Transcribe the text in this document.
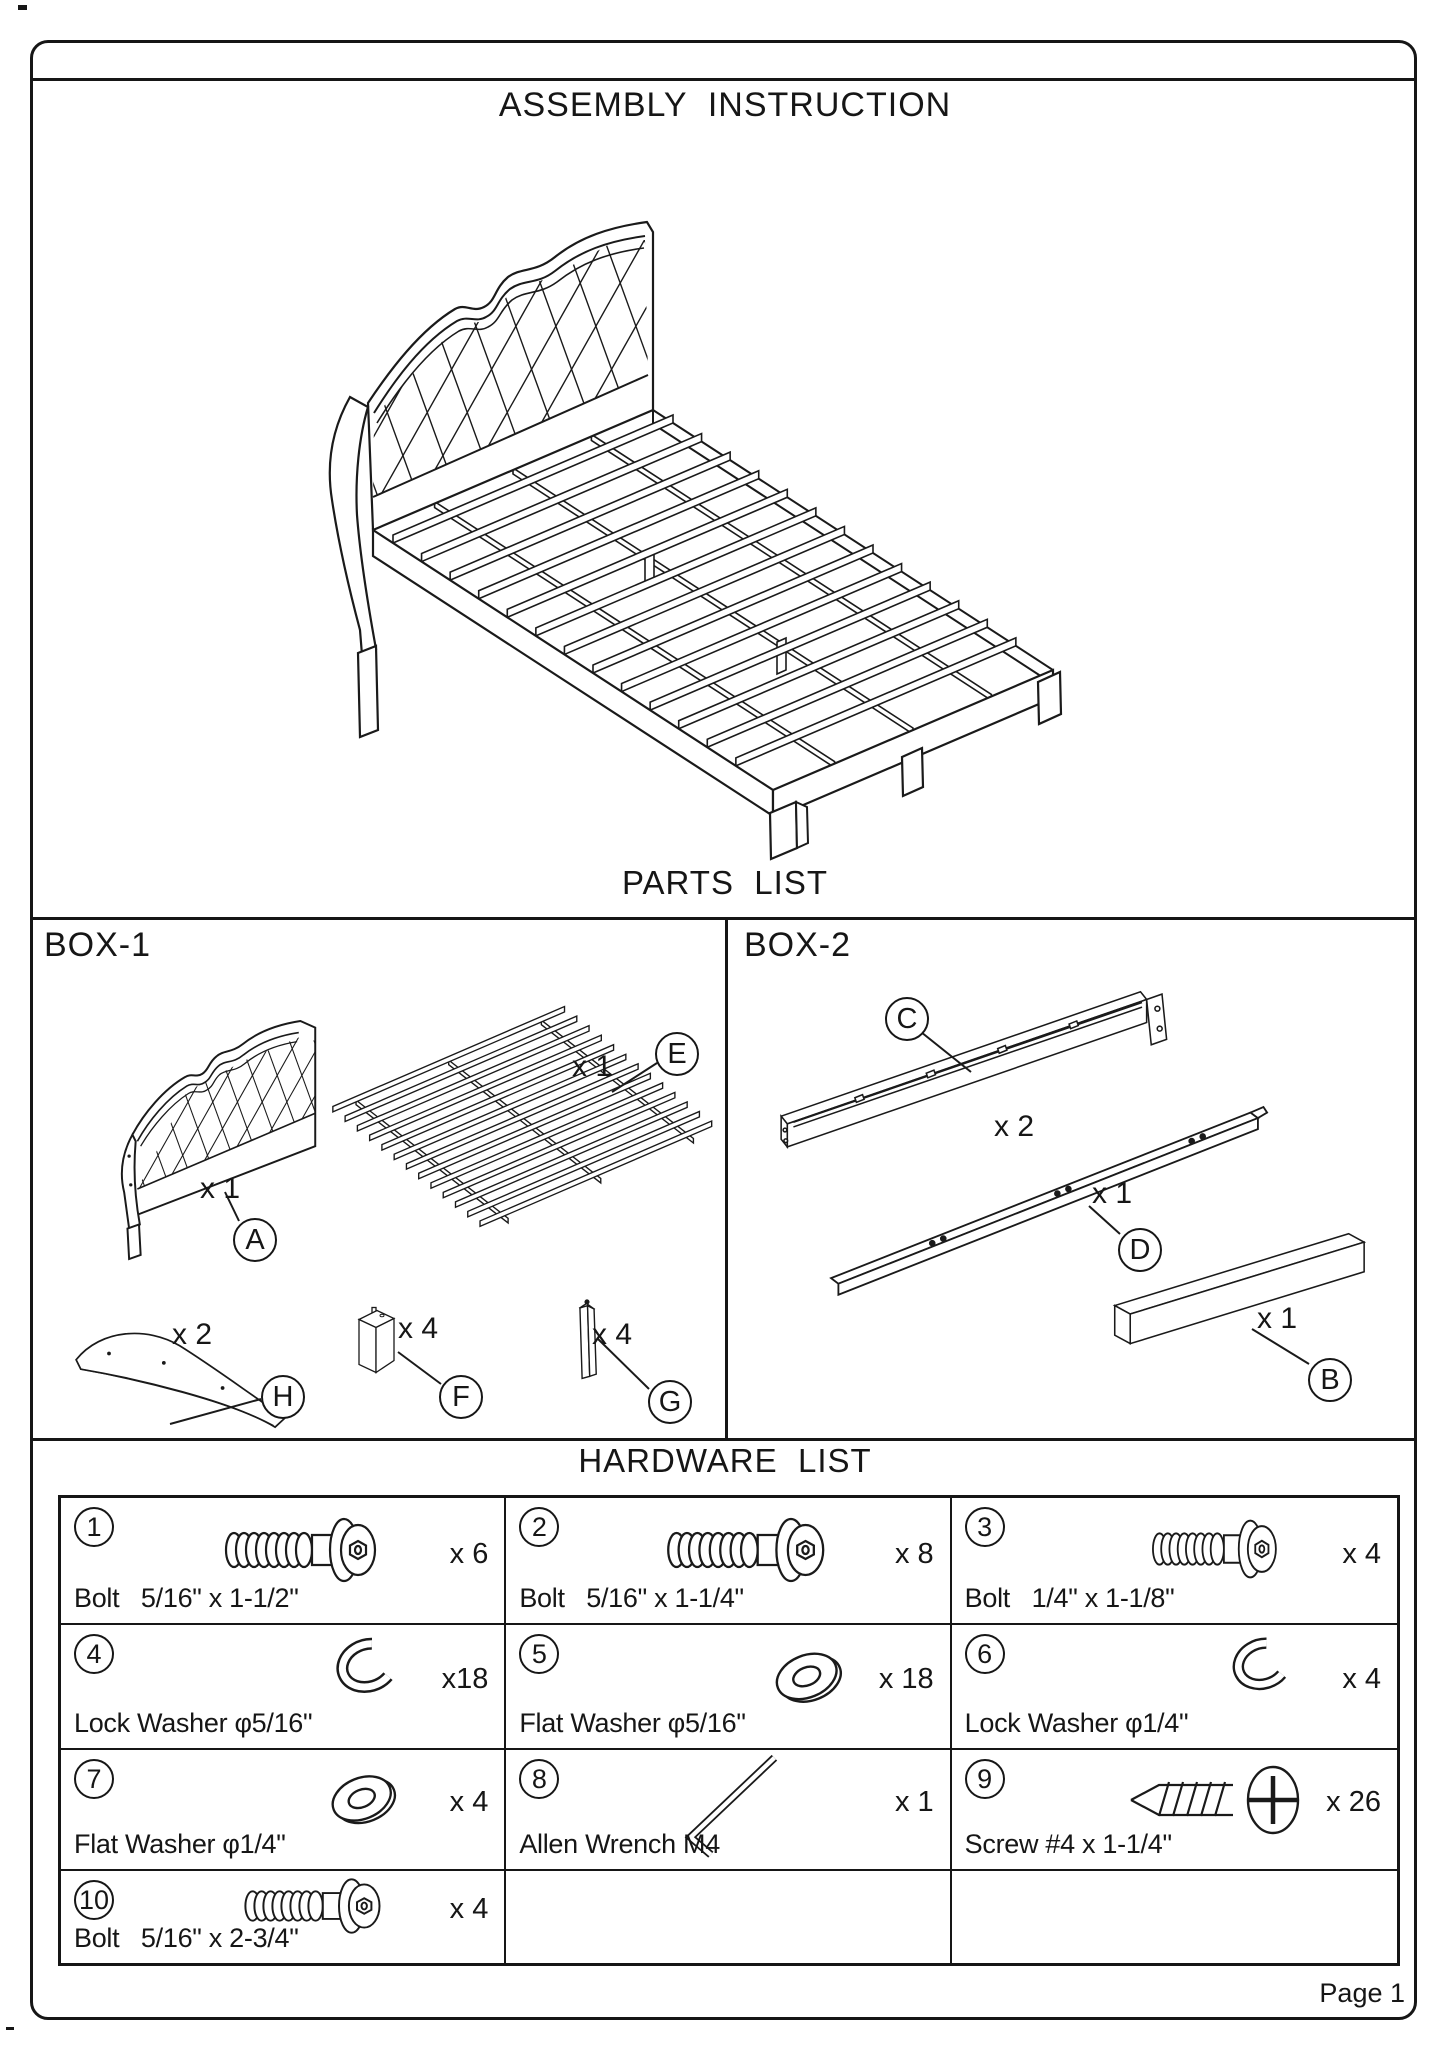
ASSEMBLY  INSTRUCTION
PARTS  LIST
BOX-1	BOX-2
x 1
A
x 1	E
x 2
H
x 4
F
x 4
G
C
x 2
x 1
D
x 1
B
HARDWARE  LIST
1
x 6
Bolt   5/16" x 1-1/2"
2
x 8
Bolt   5/16" x 1-1/4"
3
x 4
Bolt   1/4" x 1-1/8"
4
x18
Lock Washer φ5/16"
5
x 18
Flat Washer φ5/16"
6
x 4
Lock Washer φ1/4"
7
x 4
Flat Washer φ1/4"
8
x 1
Allen Wrench M4
9
x 26
Screw #4 x 1-1/4"
10	x 4
Bolt   5/16" x 2-3/4"
Page 1
